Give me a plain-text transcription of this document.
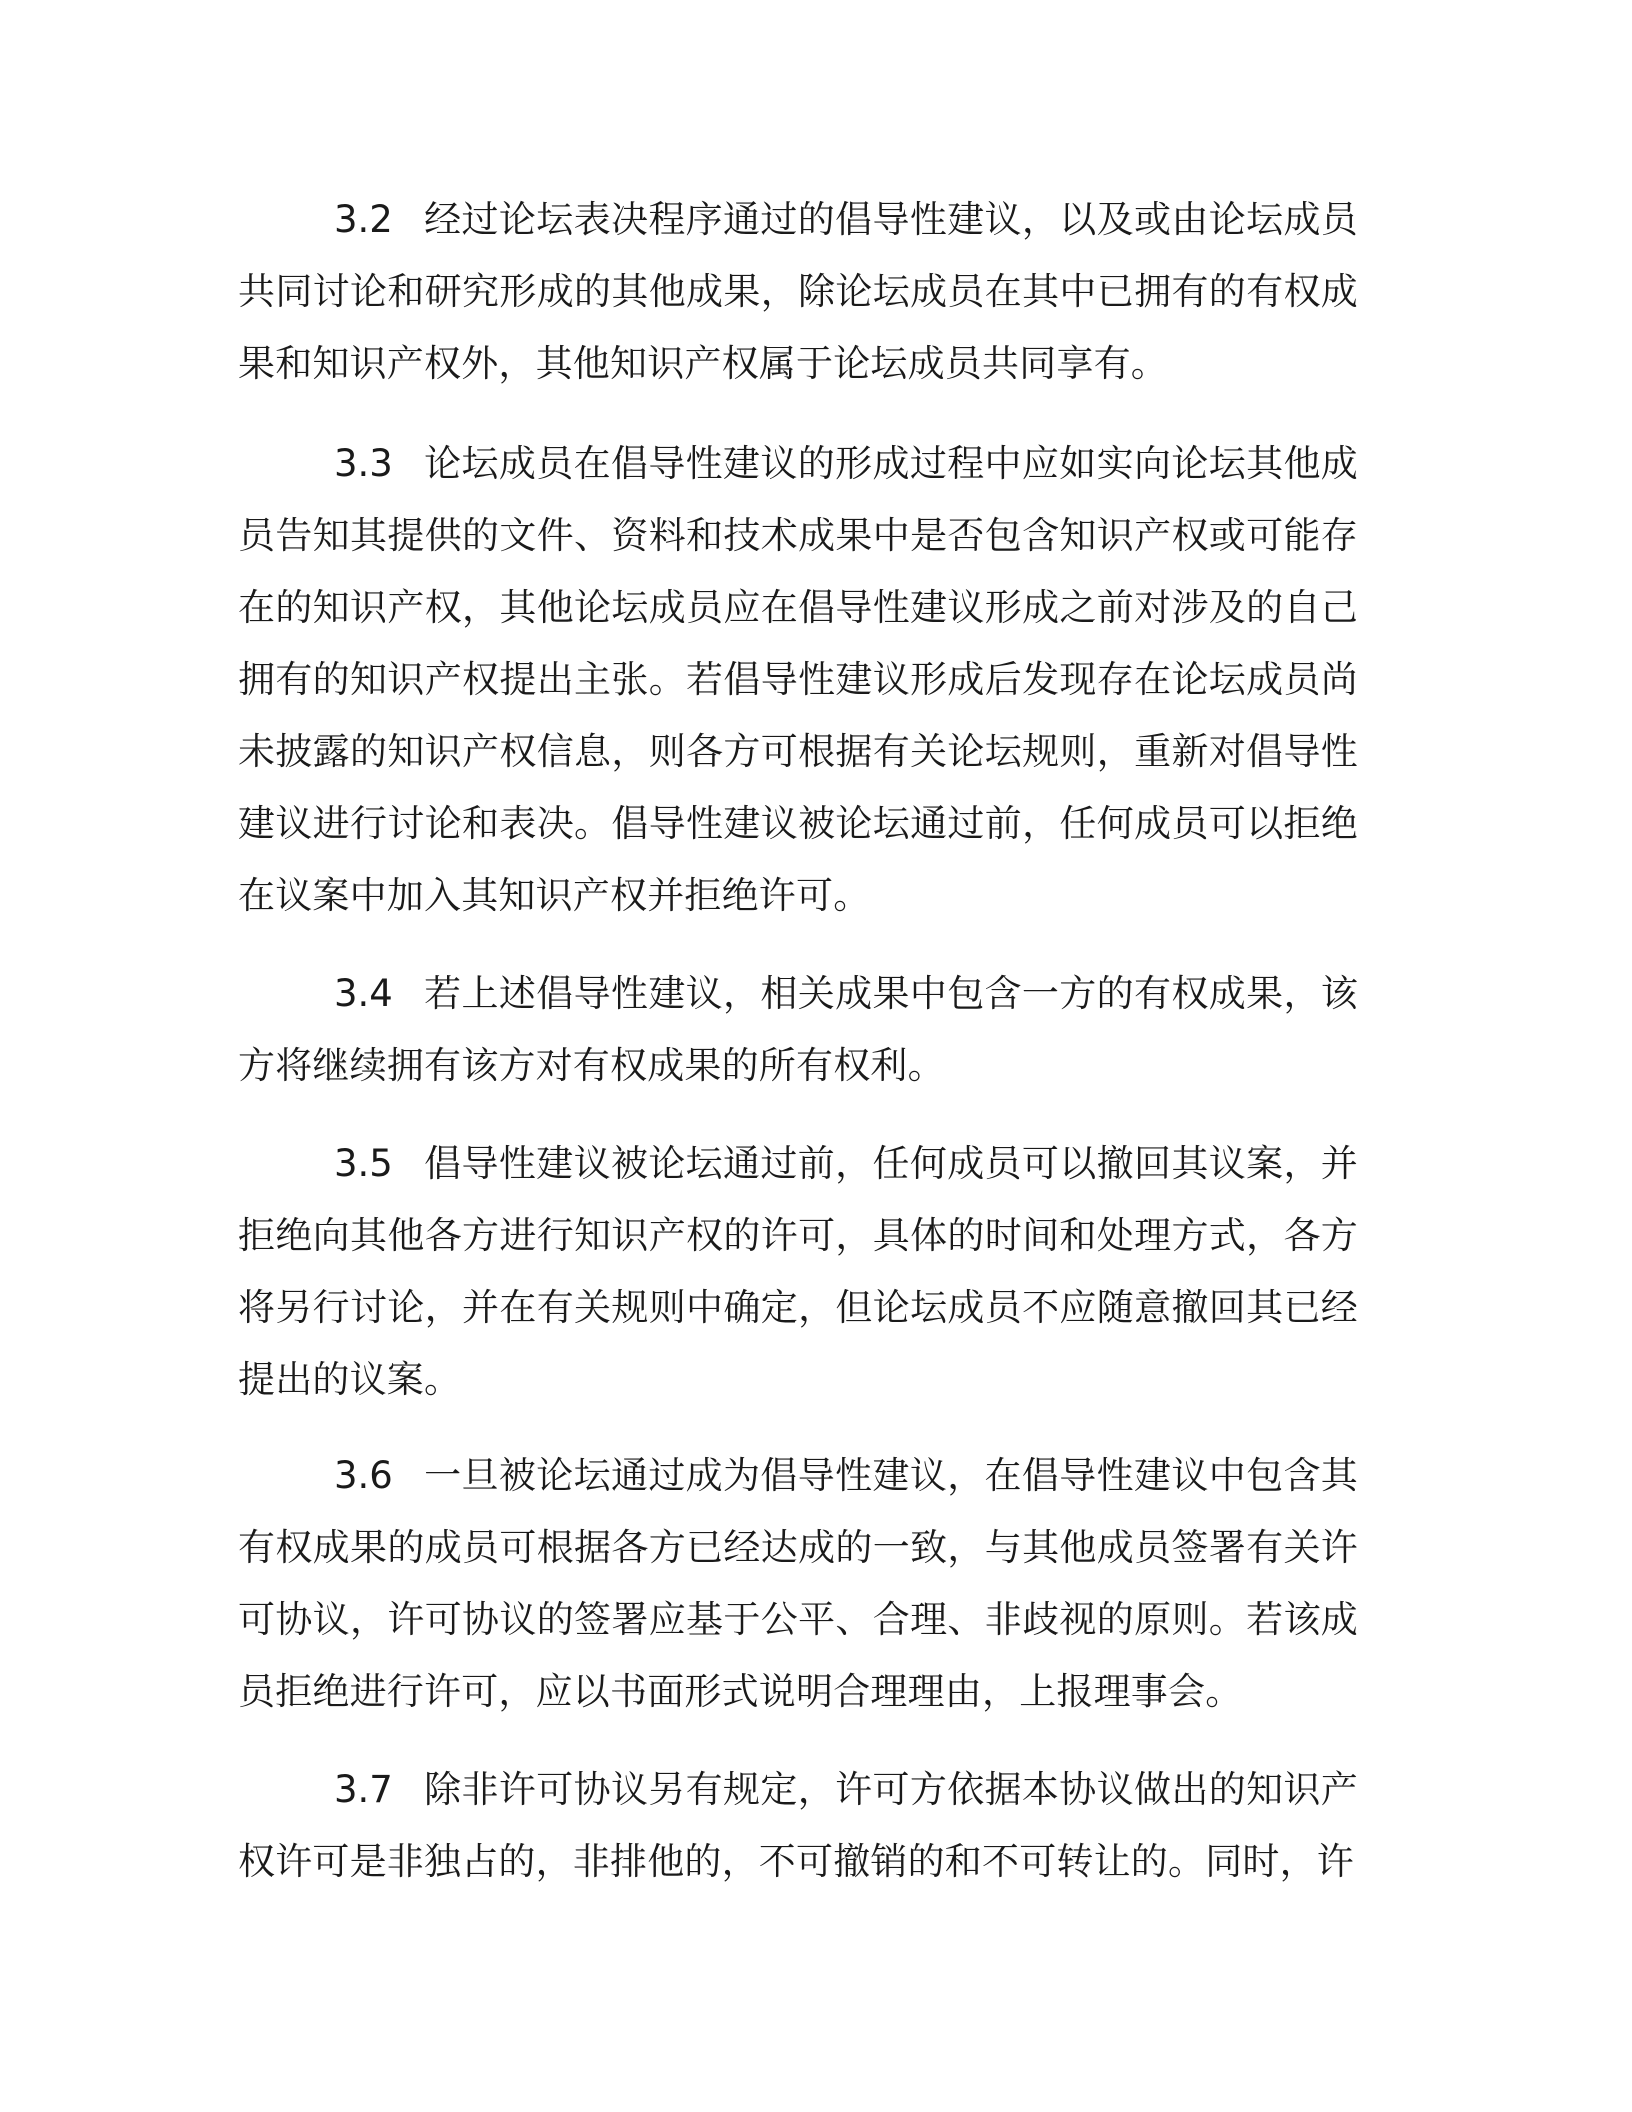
3.2 经过论坛表决程序通过的倡导性建议，以及或由论坛成员共同讨论和研究形成的其他成果，除论坛成员在其中已拥有的有权成果和知识产权外，其他知识产权属于论坛成员共同享有。

3.3 论坛成员在倡导性建议的形成过程中应如实向论坛其他成员告知其提供的文件、资料和技术成果中是否包含知识产权或可能存在的知识产权，其他论坛成员应在倡导性建议形成之前对涉及的自己拥有的知识产权提出主张。若倡导性建议形成后发现存在论坛成员尚未披露的知识产权信息，则各方可根据有关论坛规则，重新对倡导性建议进行讨论和表决。倡导性建议被论坛通过前，任何成员可以拒绝在议案中加入其知识产权并拒绝许可。

3.4 若上述倡导性建议，相关成果中包含一方的有权成果，该方将继续拥有该方对有权成果的所有权利。

3.5 倡导性建议被论坛通过前，任何成员可以撤回其议案，并拒绝向其他各方进行知识产权的许可，具体的时间和处理方式，各方将另行讨论，并在有关规则中确定，但论坛成员不应随意撤回其已经提出的议案。

3.6 一旦被论坛通过成为倡导性建议，在倡导性建议中包含其有权成果的成员可根据各方已经达成的一致，与其他成员签署有关许可协议，许可协议的签署应基于公平、合理、非歧视的原则。若该成员拒绝进行许可，应以书面形式说明合理理由，上报理事会。

3.7 除非许可协议另有规定，许可方依据本协议做出的知识产权许可是非独占的，非排他的，不可撤销的和不可转让的。同时，许
